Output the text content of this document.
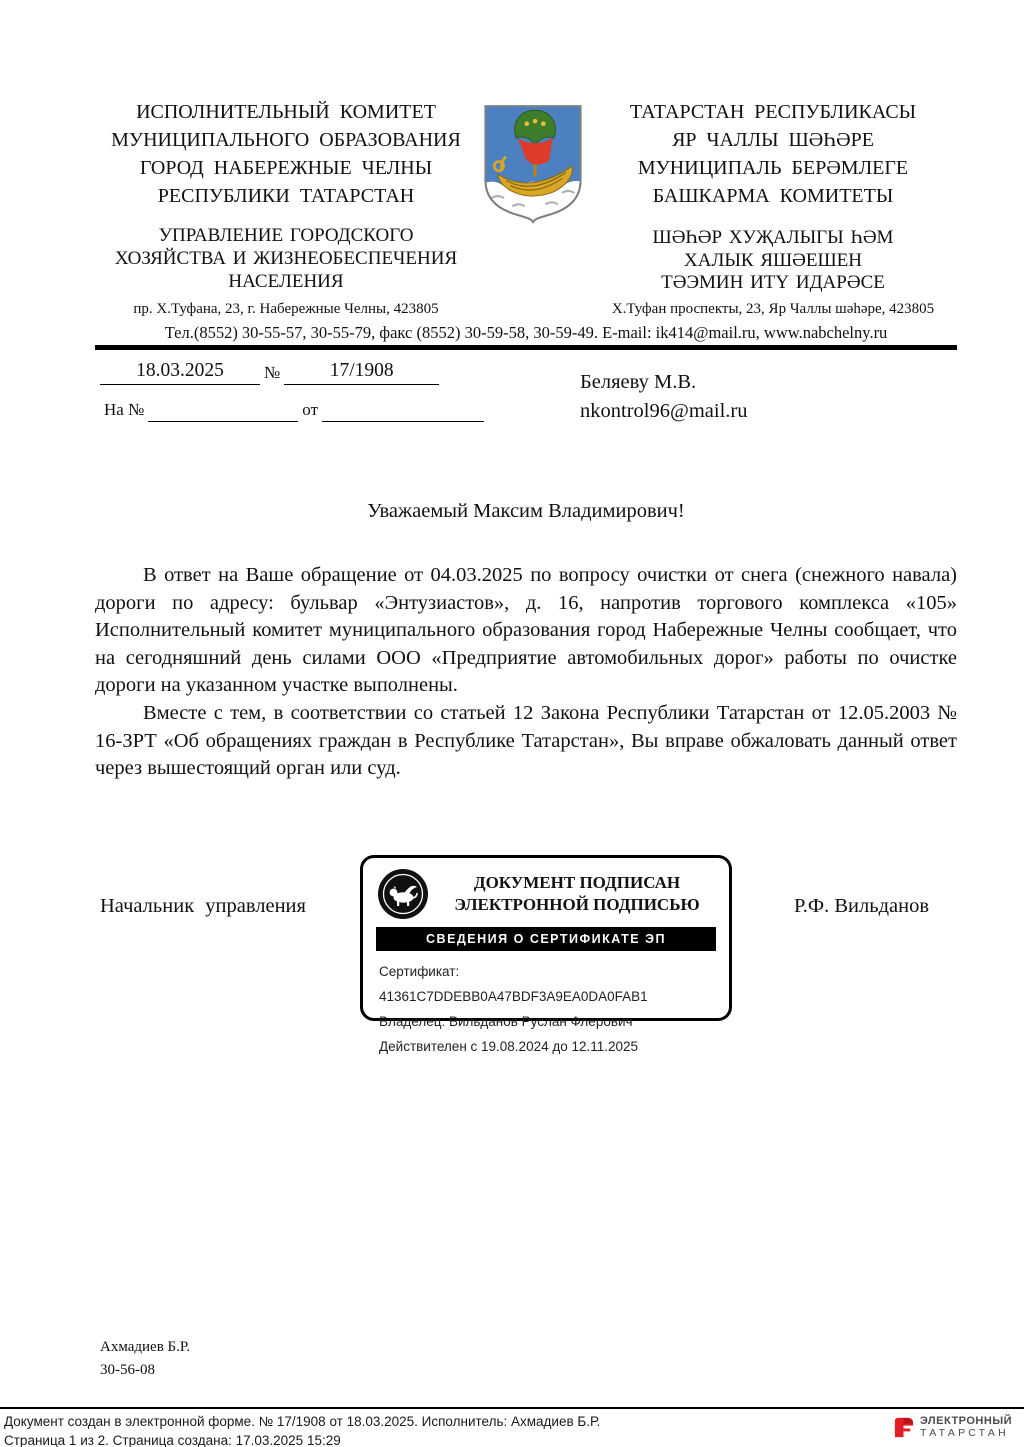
ИСПОЛНИТЕЛЬНЫЙ КОМИТЕТ
МУНИЦИПАЛЬНОГО ОБРАЗОВАНИЯ
ГОРОД НАБЕРЕЖНЫЕ ЧЕЛНЫ
РЕСПУБЛИКИ ТАТАРСТАН
УПРАВЛЕНИЕ ГОРОДСКОГО
ХОЗЯЙСТВА И ЖИЗНЕОБЕСПЕЧЕНИЯ
НАСЕЛЕНИЯ
пр. Х.Туфана, 23, г. Набережные Челны, 423805
ТАТАРСТАН РЕСПУБЛИКАСЫ
ЯР ЧАЛЛЫ ШӘҺӘРЕ
МУНИЦИПАЛЬ БЕРӘМЛЕГЕ
БАШКАРМА КОМИТЕТЫ
ШӘҺӘР ХУҖАЛЫГЫ ҺӘМ
ХАЛЫК ЯШӘЕШЕН
ТӘЭМИН ИТҮ ИДАРӘСЕ
Х.Туфан проспекты, 23, Яр Чаллы шәһәре, 423805
Тел.(8552) 30-55-57, 30-55-79, факс (8552) 30-59-58, 30-59-49. E-mail: ik414@mail.ru, www.nabchelny.ru
18.03.2025	№	17/1908
На №	от
Беляеву М.В.
nkontrol96@mail.ru
Уважаемый Максим Владимирович!

В ответ на Ваше обращение от 04.03.2025 по вопросу очистки от снега (снежного навала) дороги по адресу: бульвар «Энтузиастов», д. 16, напротив торгового комплекса «105» Исполнительный комитет муниципального образования город Набережные Челны сообщает, что на сегодняшний день силами ООО «Предприятие автомобильных дорог» работы по очистке дороги на указанном участке выполнены.

Вместе с тем, в соответствии со статьей 12 Закона Республики Татарстан от 12.05.2003 № 16-ЗРТ «Об обращениях граждан в Республике Татарстан», Вы вправе обжаловать данный ответ через вышестоящий орган или суд.

Начальник управления
ДОКУМЕНТ ПОДПИСАН
ЭЛЕКТРОННОЙ ПОДПИСЬЮ
СВЕДЕНИЯ О СЕРТИФИКАТЕ ЭП
Сертификат: 41361C7DDEBB0A47BDF3A9EA0DA0FAB1
Владелец: Вильданов Руслан Флерович
Действителен с 19.08.2024 до 12.11.2025
Р.Ф. Вильданов
Ахмадиев Б.Р.
30-56-08
Документ создан в электронной форме. № 17/1908 от 18.03.2025. Исполнитель: Ахмадиев Б.Р.
Страница 1 из 2. Страница создана: 17.03.2025 15:29
ЭЛЕКТРОННЫЙ
ТАТАРСТАН
